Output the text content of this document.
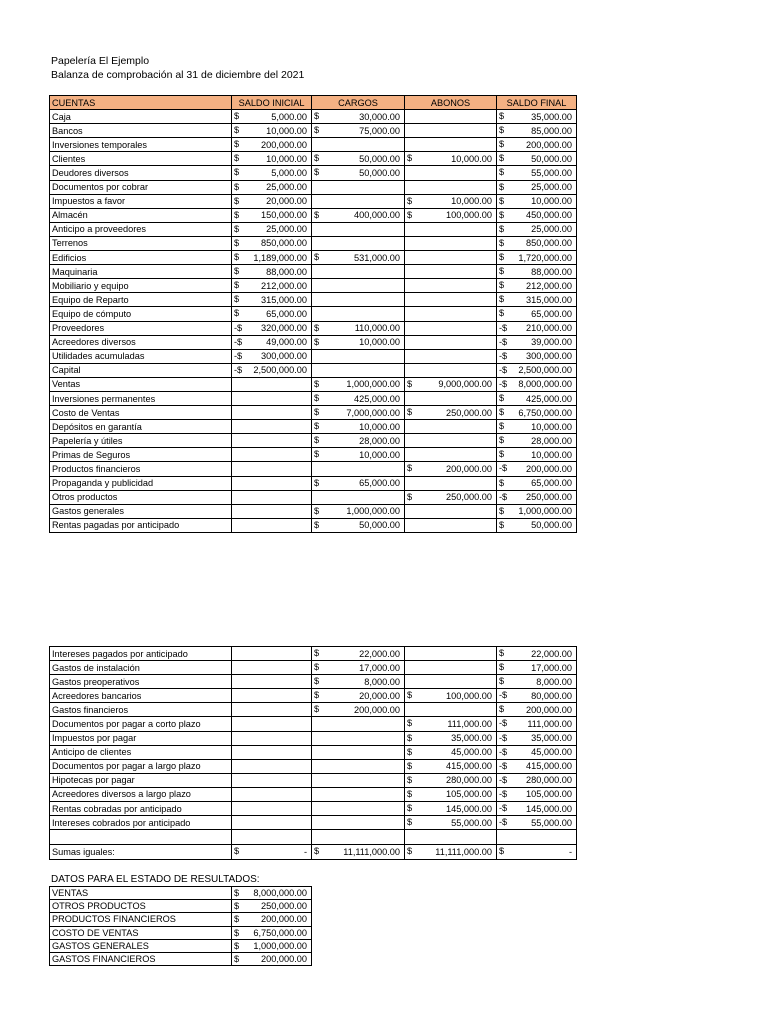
Papelería El Ejemplo
Balanza de comprobación al 31 de diciembre del 2021
CUENTAS	SALDO INICIAL	CARGOS	ABONOS	SALDO FINAL
Caja	$ 5,000.00	$ 30,000.00		$ 35,000.00

Bancos	$ 10,000.00	$ 75,000.00		$ 85,000.00

Inversiones temporales	$ 200,000.00			$ 200,000.00

Clientes	$ 10,000.00	$ 50,000.00	$ 10,000.00	$ 50,000.00

Deudores diversos	$ 5,000.00	$ 50,000.00		$ 55,000.00

Documentos por cobrar	$ 25,000.00			$ 25,000.00

Impuestos a favor	$ 20,000.00		$ 10,000.00	$ 10,000.00

Almacén	$ 150,000.00	$ 400,000.00	$ 100,000.00	$ 450,000.00

Anticipo a proveedores	$ 25,000.00			$ 25,000.00

Terrenos	$ 850,000.00			$ 850,000.00

Edificios	$ 1,189,000.00	$ 531,000.00		$ 1,720,000.00

Maquinaria	$ 88,000.00			$ 88,000.00

Mobiliario y equipo	$ 212,000.00			$ 212,000.00

Equipo de Reparto	$ 315,000.00			$ 315,000.00

Equipo de cómputo	$ 65,000.00			$ 65,000.00

Proveedores	-$ 320,000.00	$ 110,000.00		-$ 210,000.00

Acreedores diversos	-$ 49,000.00	$ 10,000.00		-$ 39,000.00

Utilidades acumuladas	-$ 300,000.00			-$ 300,000.00

Capital	-$ 2,500,000.00			-$ 2,500,000.00

Ventas		$ 1,000,000.00	$ 9,000,000.00	-$ 8,000,000.00

Inversiones permanentes		$ 425,000.00		$ 425,000.00

Costo de Ventas		$ 7,000,000.00	$ 250,000.00	$ 6,750,000.00

Depósitos en garantía		$ 10,000.00		$ 10,000.00

Papelería y útiles		$ 28,000.00		$ 28,000.00

Primas de Seguros		$ 10,000.00		$ 10,000.00

Productos financieros			$ 200,000.00	-$ 200,000.00

Propaganda y publicidad		$ 65,000.00		$ 65,000.00

Otros productos			$ 250,000.00	-$ 250,000.00

Gastos generales		$ 1,000,000.00		$ 1,000,000.00

Rentas pagadas por anticipado		$ 50,000.00		$ 50,000.00
Intereses pagados por anticipado		$ 22,000.00		$ 22,000.00

Gastos de instalación		$ 17,000.00		$ 17,000.00

Gastos preoperativos		$ 8,000.00		$ 8,000.00

Acreedores bancarios		$ 20,000.00	$ 100,000.00	-$ 80,000.00

Gastos financieros		$ 200,000.00		$ 200,000.00

Documentos por pagar a corto plazo			$ 111,000.00	-$ 111,000.00

Impuestos por pagar			$ 35,000.00	-$ 35,000.00

Anticipo de clientes			$ 45,000.00	-$ 45,000.00

Documentos por pagar a largo plazo			$ 415,000.00	-$ 415,000.00

Hipotecas por pagar			$ 280,000.00	-$ 280,000.00

Acreedores diversos a largo plazo			$ 105,000.00	-$ 105,000.00

Rentas cobradas por anticipado			$ 145,000.00	-$ 145,000.00

Intereses cobrados por anticipado			$ 55,000.00	-$ 55,000.00

Sumas iguales:	$ -	$ 11,111,000.00	$ 11,111,000.00	$ -
DATOS PARA EL ESTADO DE RESULTADOS:
VENTAS	$ 8,000,000.00

OTROS PRODUCTOS	$ 250,000.00

PRODUCTOS FINANCIEROS	$ 200,000.00

COSTO DE VENTAS	$ 6,750,000.00

GASTOS GENERALES	$ 1,000,000.00

GASTOS FINANCIEROS	$ 200,000.00
